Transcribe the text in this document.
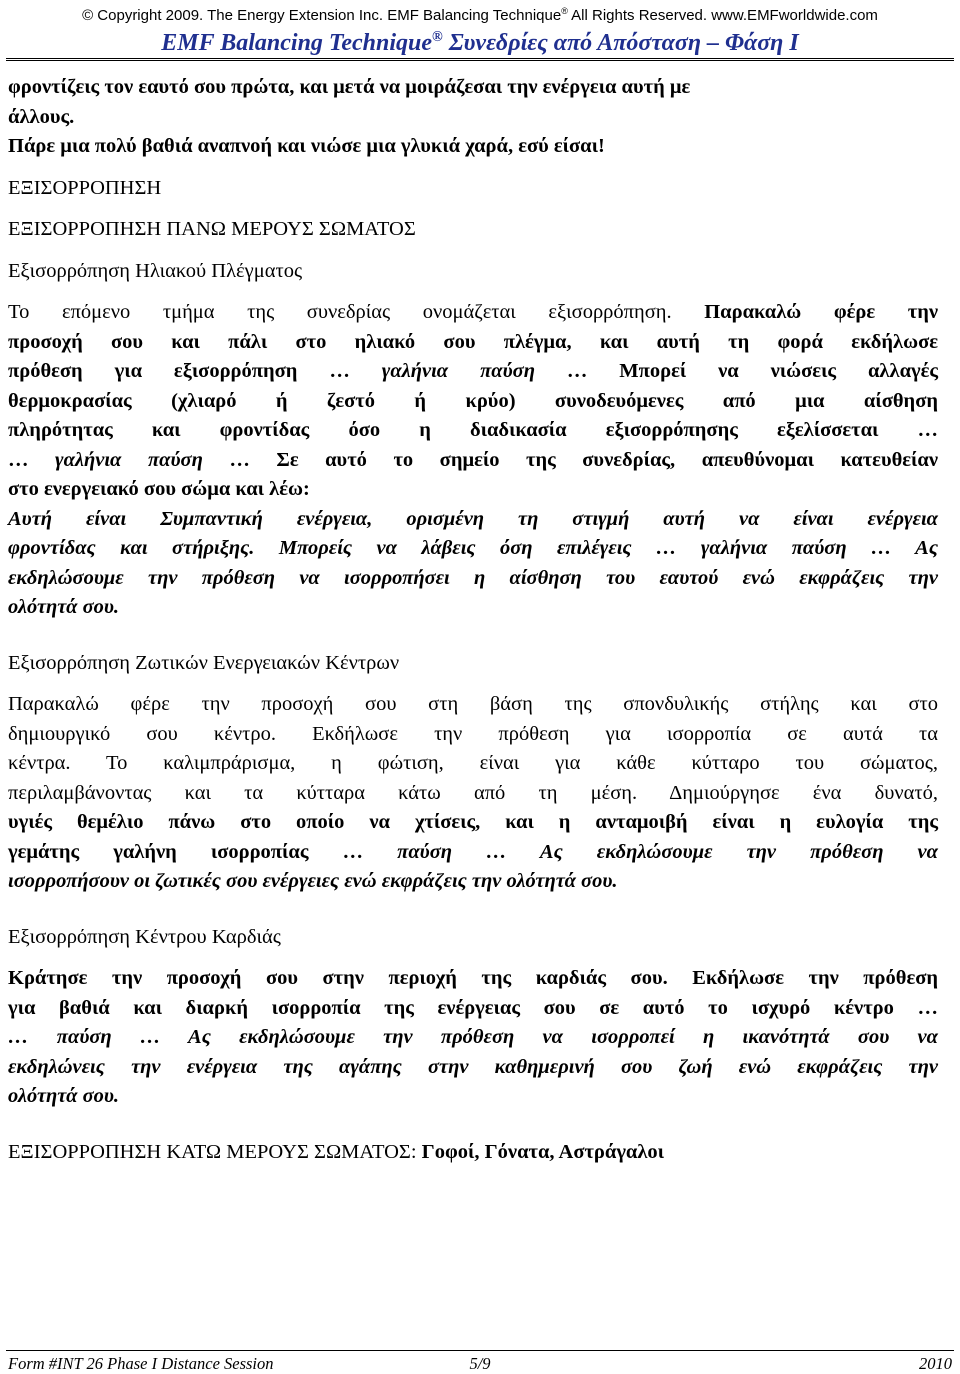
© Copyright 2009. The Energy Extension Inc. EMF Balancing Technique® All Rights Reserved. www.EMFworldwide.com
EMF Balancing Technique® Συνεδρίες από Απόσταση – Φάση Ι

φροντίζεις τον εαυτό σου πρώτα, και μετά να μοιράζεσαι την ενέργεια αυτή με

άλλους.

Πάρε μια πολύ βαθιά αναπνοή και νιώσε μια γλυκιά χαρά, εσύ είσαι!

ΕΞΙΣΟΡΡΟΠΗΣΗ

ΕΞΙΣΟΡΡΟΠΗΣΗ ΠΑΝΩ ΜΕΡΟΥΣ ΣΩΜΑΤΟΣ

Εξισορρόπηση Ηλιακού Πλέγματος

Το επόμενο τμήμα της συνεδρίας ονομάζεται εξισορρόπηση. Παρακαλώ φέρε την
προσοχή σου και πάλι στο ηλιακό σου πλέγμα, και αυτή τη φορά εκδήλωσε
πρόθεση για εξισορρόπηση … γαλήνια παύση … Μπορεί να νιώσεις αλλαγές
θερμοκρασίας (χλιαρό ή ζεστό ή κρύο) συνοδευόμενες από μια αίσθηση
πληρότητας και φροντίδας όσο η διαδικασία εξισορρόπησης εξελίσσεται …
… γαλήνια παύση … Σε αυτό το σημείο της συνεδρίας, απευθύνομαι κατευθείαν
στο ενεργειακό σου σώμα και λέω:
Αυτή είναι Συμπαντική ενέργεια, ορισμένη τη στιγμή αυτή να είναι ενέργεια
φροντίδας και στήριξης. Μπορείς να λάβεις όση επιλέγεις … γαλήνια παύση … Ας
εκδηλώσουμε την πρόθεση να ισορροπήσει η αίσθηση του εαυτού ενώ εκφράζεις την
ολότητά σου.

Εξισορρόπηση Ζωτικών Ενεργειακών Κέντρων

Παρακαλώ φέρε την προσοχή σου στη βάση της σπονδυλικής στήλης και στο
δημιουργικό σου κέντρο. Εκδήλωσε την πρόθεση για ισορροπία σε αυτά τα
κέντρα. Το καλιμπράρισμα, η φώτιση, είναι για κάθε κύτταρο του σώματος,
περιλαμβάνοντας και τα κύτταρα κάτω από τη μέση. Δημιούργησε ένα δυνατό,
υγιές θεμέλιο πάνω στο οποίο να χτίσεις, και η ανταμοιβή είναι η ευλογία της
γεμάτης γαλήνη ισορροπίας … παύση … Ας εκδηλώσουμε την πρόθεση να
ισορροπήσουν οι ζωτικές σου ενέργειες ενώ εκφράζεις την ολότητά σου.

Εξισορρόπηση Κέντρου Καρδιάς

Κράτησε την προσοχή σου στην περιοχή της καρδιάς σου. Εκδήλωσε την πρόθεση
για βαθιά και διαρκή ισορροπία της ενέργειας σου σε αυτό το ισχυρό κέντρο …
… παύση … Ας εκδηλώσουμε την πρόθεση να ισορροπεί η ικανότητά σου να
εκδηλώνεις την ενέργεια της αγάπης στην καθημερινή σου ζωή ενώ εκφράζεις την
ολότητά σου.

ΕΞΙΣΟΡΡΟΠΗΣΗ ΚΑΤΩ ΜΕΡΟΥΣ ΣΩΜΑΤΟΣ: Γοφοί, Γόνατα, Αστράγαλοι

Form #INT 26 Phase I Distance Session	5/9	2010
